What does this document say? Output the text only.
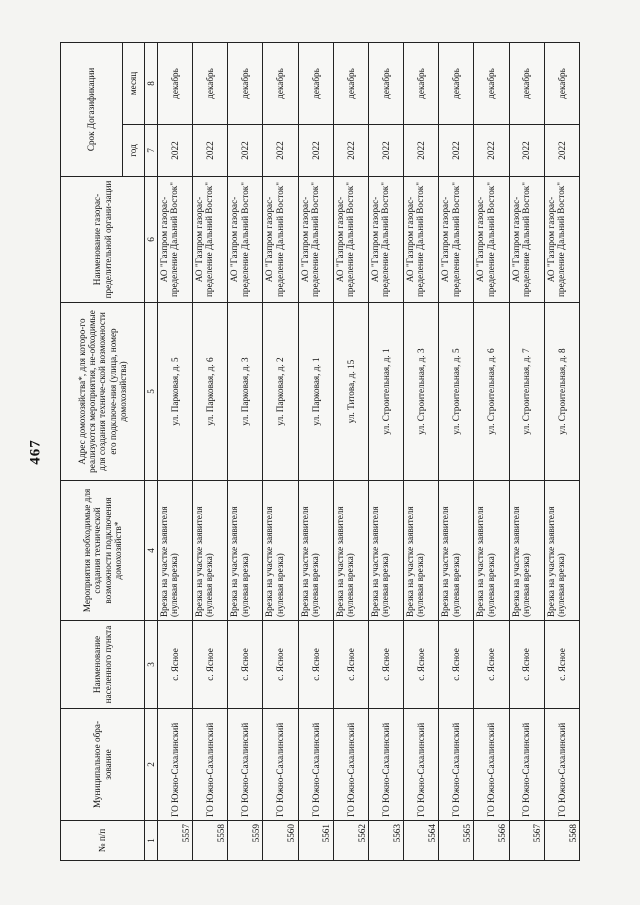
467
№ п/п	Муниципальное обра-зование	Наименование населенного пункта	Мероприятия необходимые для создания технической возможности подключения домохозяйств*	Адрес домохозяйства*, для которо-го реализуются мероприятия, не-обходимые для создания техниче-ской возможности его подключе-ния (улица, номер домохозяйства)	Наименование газорас-пределительной органи-зации	Срок Догазификации	
						год	месяц
1	2	3	4	5	6	7	8
5557	ГО Южно-Сахалинский	с. Ясное	Врезка на участке заявителя (нулевая врезка)	ул. Парковая, д. 5	АО "Газпром газорас-пределение Дальний Восток"	2022	декабрь
5558	ГО Южно-Сахалинский	с. Ясное	Врезка на участке заявителя (нулевая врезка)	ул. Парковая, д. 6	АО "Газпром газорас-пределение Дальний Восток"	2022	декабрь
5559	ГО Южно-Сахалинский	с. Ясное	Врезка на участке заявителя (нулевая врезка)	ул. Парковая, д. 3	АО "Газпром газорас-пределение Дальний Восток"	2022	декабрь
5560	ГО Южно-Сахалинский	с. Ясное	Врезка на участке заявителя (нулевая врезка)	ул. Парковая, д. 2	АО "Газпром газорас-пределение Дальний Восток"	2022	декабрь
5561	ГО Южно-Сахалинский	с. Ясное	Врезка на участке заявителя (нулевая врезка)	ул. Парковая, д. 1	АО "Газпром газорас-пределение Дальний Восток"	2022	декабрь
5562	ГО Южно-Сахалинский	с. Ясное	Врезка на участке заявителя (нулевая врезка)	ул. Титова, д. 15	АО "Газпром газорас-пределение Дальний Восток"	2022	декабрь
5563	ГО Южно-Сахалинский	с. Ясное	Врезка на участке заявителя (нулевая врезка)	ул. Строительная, д. 1	АО "Газпром газорас-пределение Дальний Восток"	2022	декабрь
5564	ГО Южно-Сахалинский	с. Ясное	Врезка на участке заявителя (нулевая врезка)	ул. Строительная, д. 3	АО "Газпром газорас-пределение Дальний Восток"	2022	декабрь
5565	ГО Южно-Сахалинский	с. Ясное	Врезка на участке заявителя (нулевая врезка)	ул. Строительная, д. 5	АО "Газпром газорас-пределение Дальний Восток"	2022	декабрь
5566	ГО Южно-Сахалинский	с. Ясное	Врезка на участке заявителя (нулевая врезка)	ул. Строительная, д. 6	АО "Газпром газорас-пределение Дальний Восток"	2022	декабрь
5567	ГО Южно-Сахалинский	с. Ясное	Врезка на участке заявителя (нулевая врезка)	ул. Строительная, д. 7	АО "Газпром газорас-пределение Дальний Восток"	2022	декабрь
5568	ГО Южно-Сахалинский	с. Ясное	Врезка на участке заявителя (нулевая врезка)	ул. Строительная, д. 8	АО "Газпром газорас-пределение Дальний Восток"	2022	декабрь
